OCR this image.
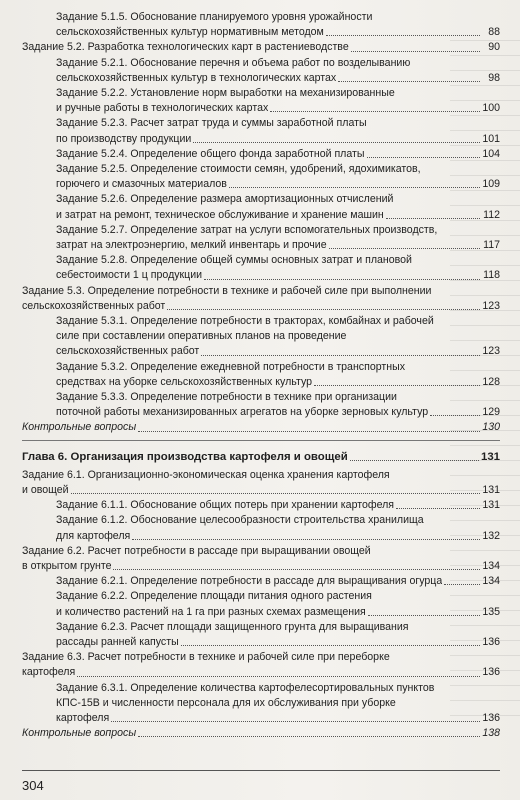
Задание 5.1.5. Обоснование планируемого уровня урожайности
сельскохозяйственных культур нормативным методом	88
Задание 5.2. Разработка технологических карт в растениеводстве	90
Задание 5.2.1. Обоснование перечня и объема работ по возделыванию
сельскохозяйственных культур в технологических картах	98
Задание 5.2.2. Установление норм выработки на механизированные
и ручные работы в технологических картах	100
Задание 5.2.3. Расчет затрат труда и суммы заработной платы
по производству продукции	101
Задание 5.2.4. Определение общего фонда заработной платы	104
Задание 5.2.5. Определение стоимости семян, удобрений, ядохимикатов,
горючего и смазочных материалов	109
Задание 5.2.6. Определение размера амортизационных отчислений
и затрат на ремонт, техническое обслуживание и хранение машин	112
Задание 5.2.7. Определение затрат на услуги вспомогательных производств,
затрат на электроэнергию, мелкий инвентарь и прочие	117
Задание 5.2.8. Определение общей суммы основных затрат и плановой
себестоимости 1 ц продукции	118
Задание 5.3. Определение потребности в технике и рабочей силе при выполнении
сельскохозяйственных работ	123
Задание 5.3.1. Определение потребности в тракторах, комбайнах и рабочей
силе при составлении оперативных планов на проведение
сельскохозяйственных работ	123
Задание 5.3.2. Определение ежедневной потребности в транспортных
средствах на уборке сельскохозяйственных культур	128
Задание 5.3.3. Определение потребности в технике при организации
поточной работы механизированных агрегатов на уборке зерновых культур	129
Контрольные вопросы	130
Глава 6. Организация производства картофеля и овощей	131
Задание 6.1. Организационно-экономическая оценка хранения картофеля
и овощей	131
Задание 6.1.1. Обоснование общих потерь при хранении картофеля	131
Задание 6.1.2. Обоснование целесообразности строительства хранилища
для картофеля	132
Задание 6.2. Расчет потребности в рассаде при выращивании овощей
в открытом грунте	134
Задание 6.2.1. Определение потребности в рассаде для выращивания огурца	134
Задание 6.2.2. Определение площади питания одного растения
и количество растений на 1 га при разных схемах размещения	135
Задание 6.2.3. Расчет площади защищенного грунта для выращивания
рассады ранней капусты	136
Задание 6.3. Расчет потребности в технике и рабочей силе при переборке
картофеля	136
Задание 6.3.1. Определение количества картофелесортировальных пунктов
КПС-15В и численности персонала для их обслуживания при уборке
картофеля	136
Контрольные вопросы	138
304
